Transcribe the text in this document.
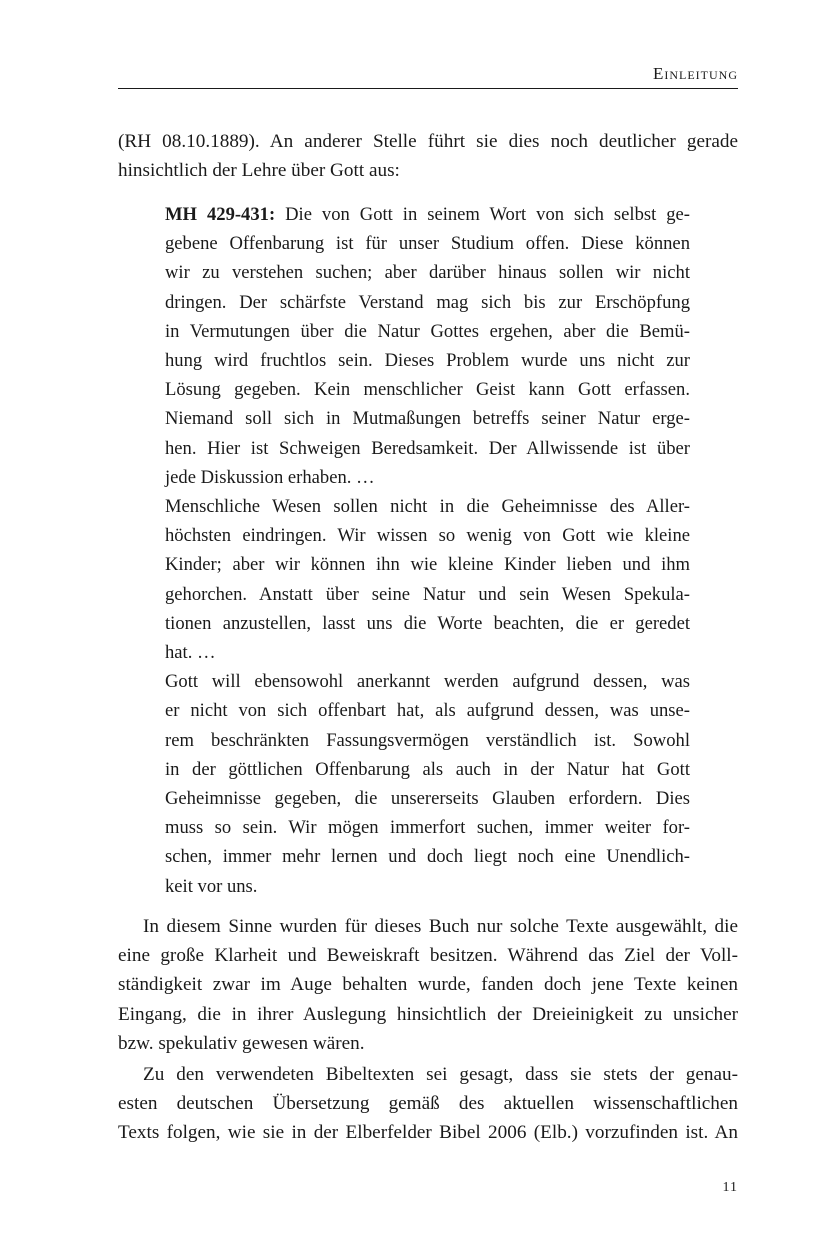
Einleitung
(RH 08.10.1889). An anderer Stelle führt sie dies noch deutlicher gerade
hinsichtlich der Lehre über Gott aus:
MH 429-431: Die von Gott in seinem Wort von sich selbst ge-
gebene Offenbarung ist für unser Studium offen. Diese können
wir zu verstehen suchen; aber darüber hinaus sollen wir nicht
dringen. Der schärfste Verstand mag sich bis zur Erschöpfung
in Vermutungen über die Natur Gottes ergehen, aber die Bemü-
hung wird fruchtlos sein. Dieses Problem wurde uns nicht zur
Lösung gegeben. Kein menschlicher Geist kann Gott erfassen.
Niemand soll sich in Mutmaßungen betreffs seiner Natur erge-
hen. Hier ist Schweigen Beredsamkeit. Der Allwissende ist über
jede Diskussion erhaben. …
Menschliche Wesen sollen nicht in die Geheimnisse des Aller-
höchsten eindringen. Wir wissen so wenig von Gott wie kleine
Kinder; aber wir können ihn wie kleine Kinder lieben und ihm
gehorchen. Anstatt über seine Natur und sein Wesen Spekula-
tionen anzustellen, lasst uns die Worte beachten, die er geredet
hat. …
Gott will ebensowohl anerkannt werden aufgrund dessen, was
er nicht von sich offenbart hat, als aufgrund dessen, was unse-
rem beschränkten Fassungsvermögen verständlich ist. Sowohl
in der göttlichen Offenbarung als auch in der Natur hat Gott
Geheimnisse gegeben, die unsererseits Glauben erfordern. Dies
muss so sein. Wir mögen immerfort suchen, immer weiter for-
schen, immer mehr lernen und doch liegt noch eine Unendlich-
keit vor uns.
In diesem Sinne wurden für dieses Buch nur solche Texte ausgewählt, die
eine große Klarheit und Beweiskraft besitzen. Während das Ziel der Voll-
ständigkeit zwar im Auge behalten wurde, fanden doch jene Texte keinen
Eingang, die in ihrer Auslegung hinsichtlich der Dreieinigkeit zu unsicher
bzw. spekulativ gewesen wären.
Zu den verwendeten Bibeltexten sei gesagt, dass sie stets der genau-
esten deutschen Übersetzung gemäß des aktuellen wissenschaftlichen
Texts folgen, wie sie in der Elberfelder Bibel 2006 (Elb.) vorzufinden ist. An
11
